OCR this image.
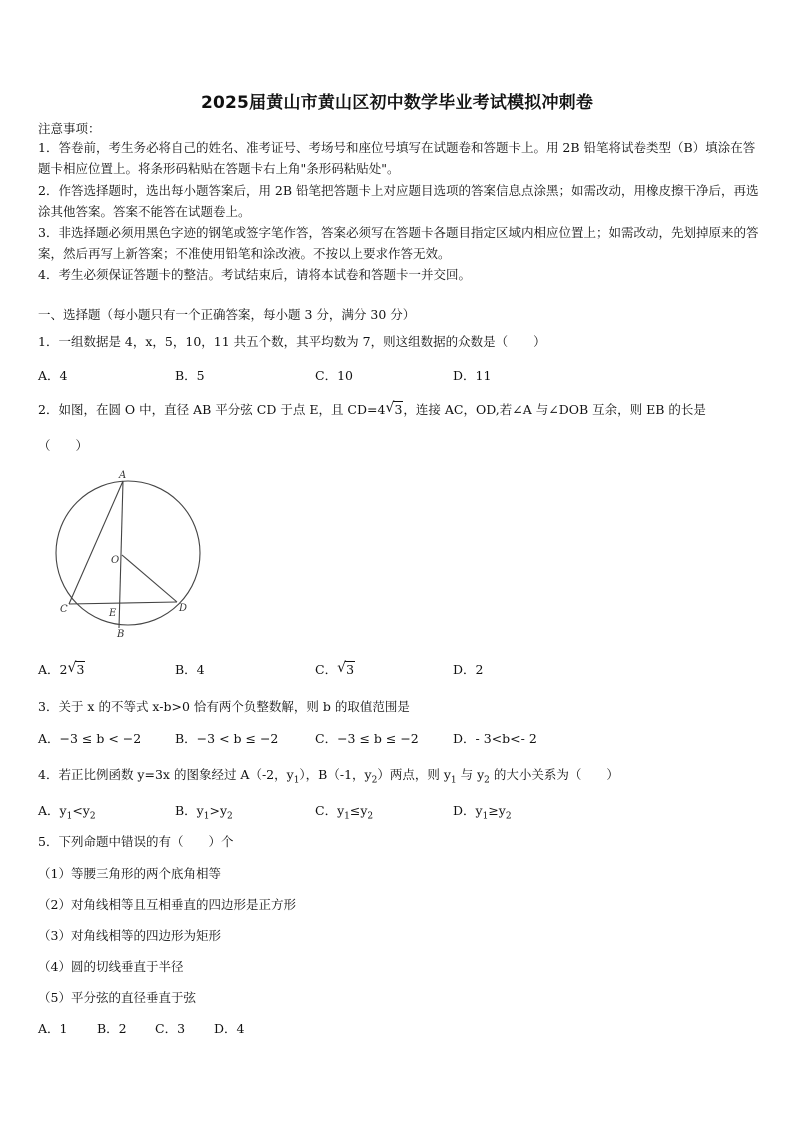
2025届黄山市黄山区初中数学毕业考试模拟冲刺卷
注意事项：
1．答卷前，考生务必将自己的姓名、准考证号、考场号和座位号填写在试题卷和答题卡上。用 2B 铅笔将试卷类型（B）填涂在答题卡相应位置上。将条形码粘贴在答题卡右上角"条形码粘贴处"。
2．作答选择题时，选出每小题答案后，用 2B 铅笔把答题卡上对应题目选项的答案信息点涂黑；如需改动，用橡皮擦干净后，再选涂其他答案。答案不能答在试题卷上。
3．非选择题必须用黑色字迹的钢笔或签字笔作答，答案必须写在答题卡各题目指定区域内相应位置上；如需改动，先划掉原来的答案，然后再写上新答案；不准使用铅笔和涂改液。不按以上要求作答无效。
4．考生必须保证答题卡的整洁。考试结束后，请将本试卷和答题卡一并交回。
一、选择题（每小题只有一个正确答案，每小题 3 分，满分 30 分）
1．一组数据是 4，x，5，10，11 共五个数，其平均数为 7，则这组数据的众数是（　　）
A．4	B．5	C．10	D．11
2．如图，在圆 O 中，直径 AB 平分弦 CD 于点 E，且 CD=4 √ 3，连接 AC，OD,若∠A 与∠DOB 互余，则 EB 的长是
（　　）
A
O
C	E	D
B
A．2 √ 3	B．4	C． √ 3	D．2
3．关于 x 的不等式 x-b>0 恰有两个负整数解，则 b 的取值范围是
A．−3 ≤ b < −2	B．−3 < b ≤ −2	C．−3 ≤ b ≤ −2	D．- 3<b<- 2
4．若正比例函数 y=3x 的图象经过 A（-2，$y_1$），B（-1，$y_2$）两点，则 $y_1$ 与 $y_2$ 的大小关系为（　　）
A．$y_1<y_2$	B．$y_1>y_2$	C．$y_1\le y_2$	D．$y_1\ge y_2$
5．下列命题中错误的有（　　）个
（1）等腰三角形的两个底角相等
（2）对角线相等且互相垂直的四边形是正方形
（3）对角线相等的四边形为矩形
（4）圆的切线垂直于半径
（5）平分弦的直径垂直于弦
A．1 B．2 C．3 D．4
